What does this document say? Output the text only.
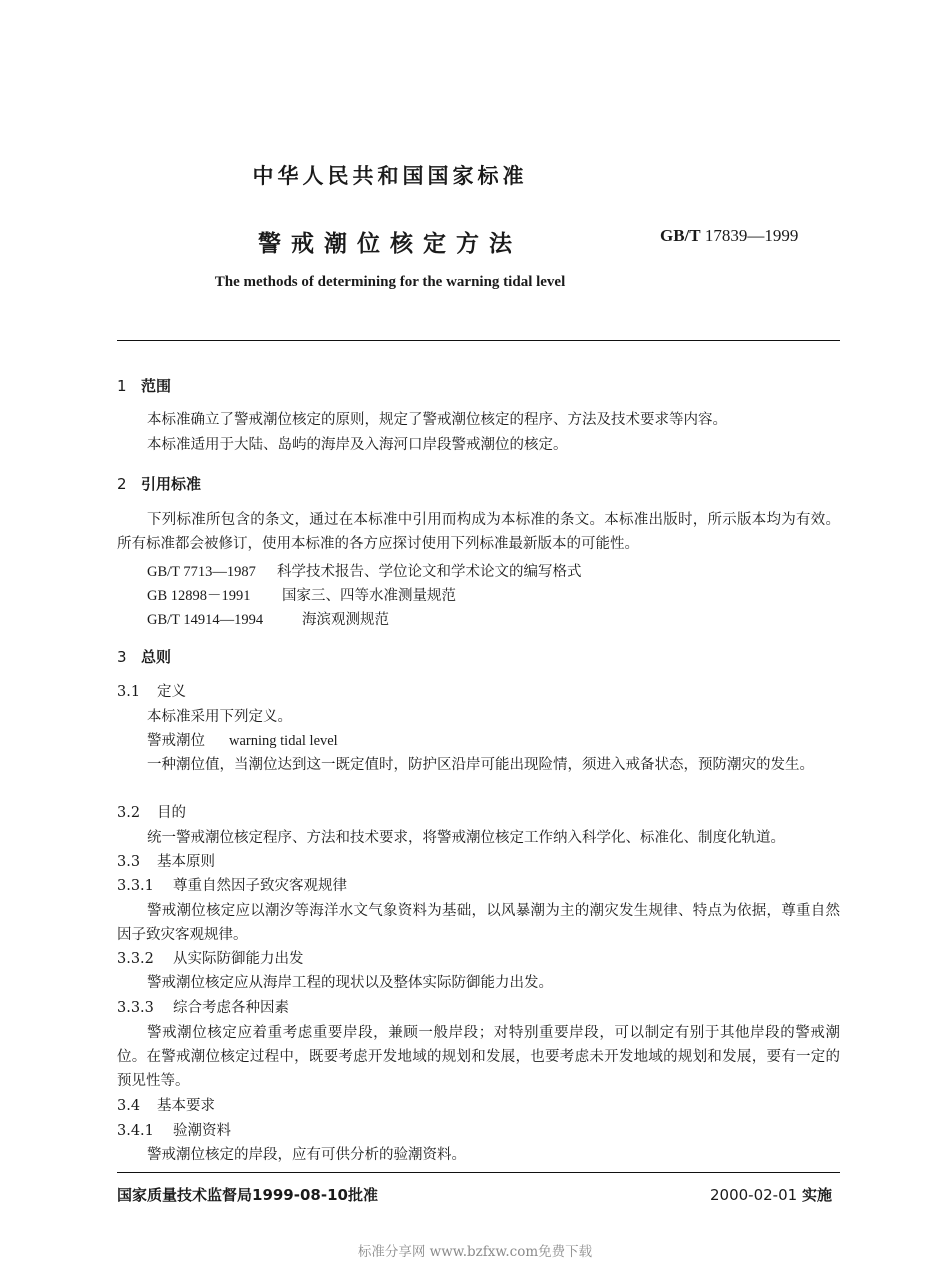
中华人民共和国国家标准
警戒潮位核定方法	GB/T 17839—1999
The methods of determining for the warning tidal level
1 范围
本标准确立了警戒潮位核定的原则，规定了警戒潮位核定的程序、方法及技术要求等内容。
本标准适用于大陆、岛屿的海岸及入海河口岸段警戒潮位的核定。
2 引用标准
下列标准所包含的条文，通过在本标准中引用而构成为本标准的条文。本标准出版时，所示版本均为有效。所有标准都会被修订，使用本标准的各方应探讨使用下列标准最新版本的可能性。
GB/T 7713—1987 科学技术报告、学位论文和学术论文的编写格式
GB 12898－1991 国家三、四等水准测量规范
GB/T 14914—1994	海滨观测规范
3 总则
3.1 定义
本标准采用下列定义。
警戒潮位 warning tidal level
一种潮位值，当潮位达到这一既定值时，防护区沿岸可能出现险情，须进入戒备状态，预防潮灾的发生。
3.2 目的
统一警戒潮位核定程序、方法和技术要求，将警戒潮位核定工作纳入科学化、标准化、制度化轨道。
3.3 基本原则
3.3.1 尊重自然因子致灾客观规律
警戒潮位核定应以潮汐等海洋水文气象资料为基础，以风暴潮为主的潮灾发生规律、特点为依据，尊重自然因子致灾客观规律。
3.3.2 从实际防御能力出发
警戒潮位核定应从海岸工程的现状以及整体实际防御能力出发。
3.3.3 综合考虑各种因素
警戒潮位核定应着重考虑重要岸段，兼顾一般岸段；对特别重要岸段，可以制定有别于其他岸段的警戒潮位。在警戒潮位核定过程中，既要考虑开发地域的规划和发展，也要考虑未开发地域的规划和发展，要有一定的预见性等。
3.4 基本要求
3.4.1 验潮资料
警戒潮位核定的岸段，应有可供分析的验潮资料。
国家质量技术监督局1999-08-10批准	2000-02-01 实施
标准分享网 www.bzfxw.com免费下载
